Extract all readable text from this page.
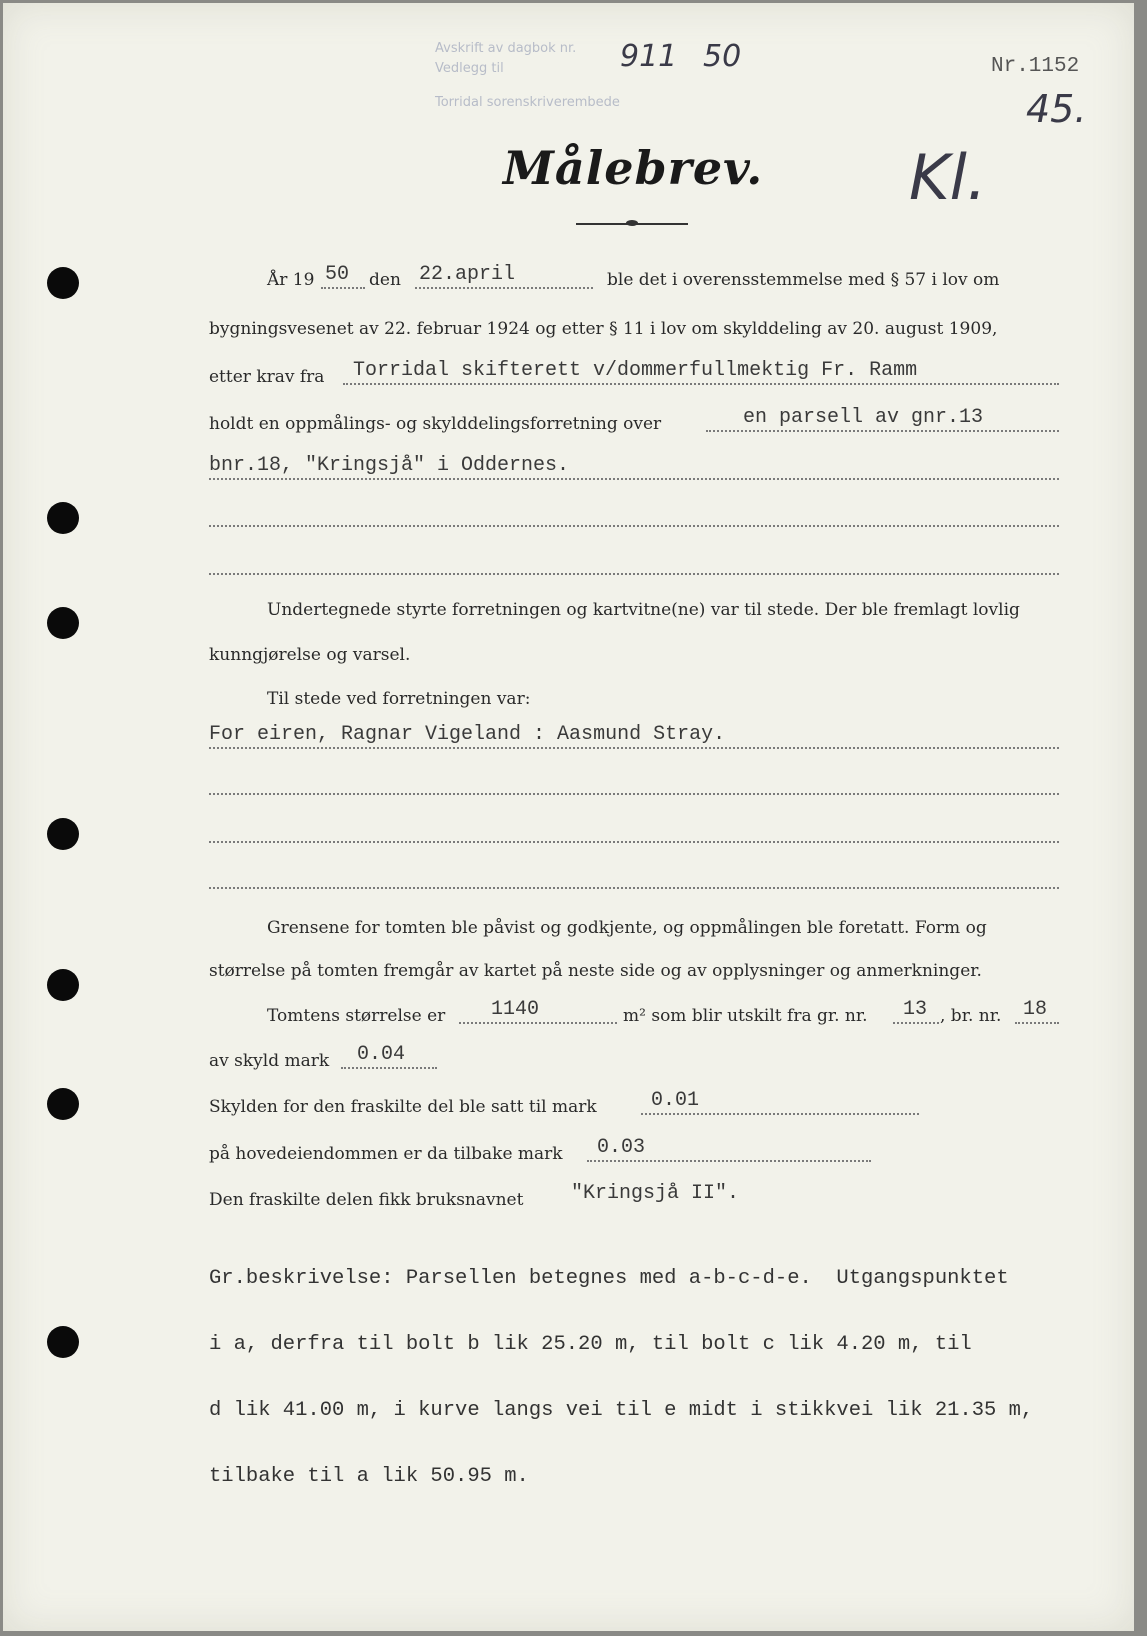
Avskrift av dagbok nr.
Vedlegg til
Torridal sorenskriverembede
911 50	Nr.1152
45.
Kl.
Målebrev.
År 19 50 den 22.april	ble det i overensstemmelse med § 57 i lov om
bygningsvesenet av 22. februar 1924 og etter § 11 i lov om skylddeling av 20. august 1909,
etter krav fra Torridal skifterett v/dommerfullmektig Fr. Ramm
holdt en oppmålings- og skylddelingsforretning over	en parsell av gnr.13
bnr.18, "Kringsjå" i Oddernes.
Undertegnede styrte forretningen og kartvitne(ne) var til stede. Der ble fremlagt lovlig
kunngjørelse og varsel.
Til stede ved forretningen var:
For eiren, Ragnar Vigeland : Aasmund Stray.
Grensene for tomten ble påvist og godkjente, og oppmålingen ble foretatt. Form og
størrelse på tomten fremgår av kartet på neste side og av opplysninger og anmerkninger.
Tomtens størrelse er 1140	m² som blir utskilt fra gr. nr. 13 , br. nr. 18
av skyld mark 0.04
Skylden for den fraskilte del ble satt til mark	0.01
på hovedeiendommen er da tilbake mark 0.03
Den fraskilte delen fikk bruksnavnet "Kringsjå II".

Gr.beskrivelse: Parsellen betegnes med a-b-c-d-e.  Utgangspunktet

i a, derfra til bolt b lik 25.20 m, til bolt c lik 4.20 m, til

d lik 41.00 m, i kurve langs vei til e midt i stikkvei lik 21.35 m,

tilbake til a lik 50.95 m.
